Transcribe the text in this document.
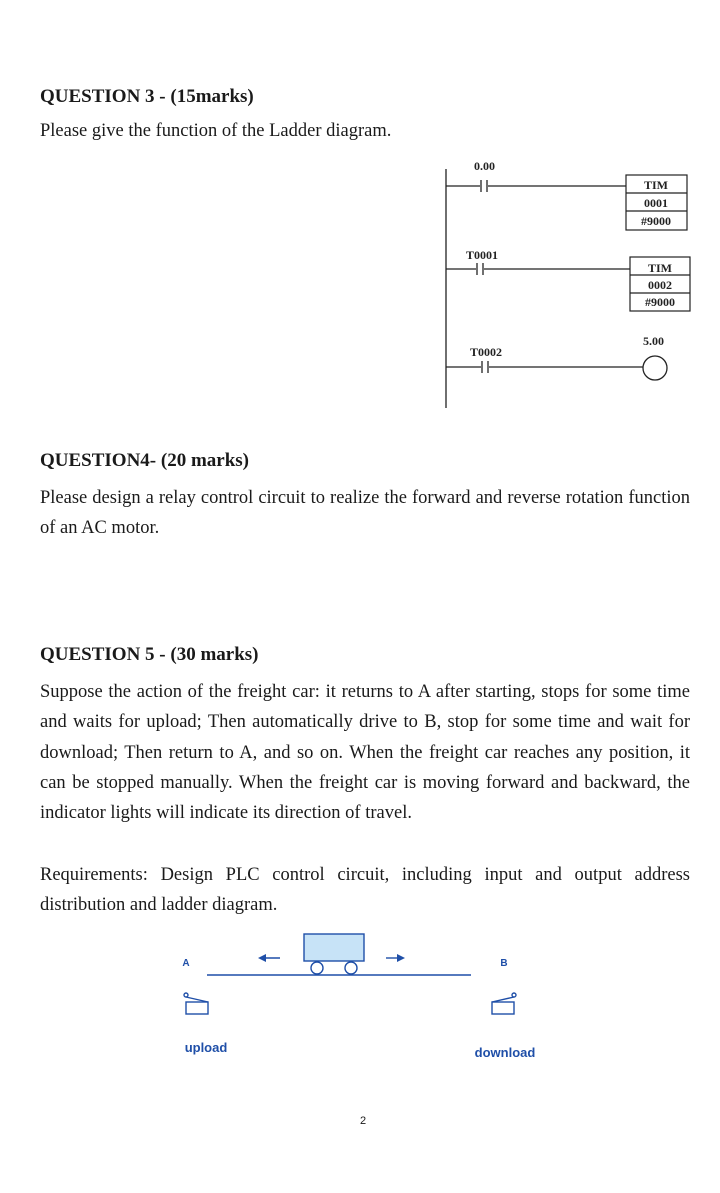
QUESTION 3 - (15marks)
Please give the function of the Ladder diagram.
0.00
TIM
0001
#9000
T0001
TIM
0002
#9000
T0002
5.00
QUESTION4- (20 marks)
Please design a relay control circuit to realize the forward and reverse rotation function of an AC motor.
QUESTION 5 - (30 marks)
Suppose the action of the freight car: it returns to A after starting, stops for some time and waits for upload; Then automatically drive to B, stop for some time and wait for download; Then return to A, and so on. When the freight car reaches any position, it can be stopped manually. When the freight car is moving forward and backward, the indicator lights will indicate its direction of travel.
Requirements: Design PLC control circuit, including input and output address distribution and ladder diagram.
A	B
upload	download
2
